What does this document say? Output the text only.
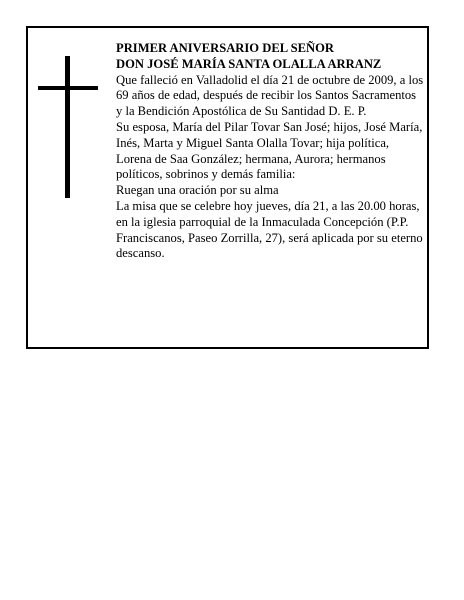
PRIMER ANIVERSARIO DEL SEÑOR
DON JOSÉ MARÍA SANTA OLALLA ARRANZ

Que falleció en Valladolid el día 21 de octubre de 2009, a los 69 años de edad, después de recibir los Santos Sacramentos y la Bendición Apostólica de Su Santidad D. E. P.

Su esposa, María del Pilar Tovar San José; hijos, José María, Inés, Marta y Miguel Santa Olalla Tovar; hija política, Lorena de Saa González; hermana, Aurora; hermanos políticos, sobrinos y demás familia:

Ruegan una oración por su alma

La misa que se celebre hoy jueves, día 21, a las 20.00 horas, en la iglesia parroquial de la Inmaculada Concepción (P.P. Franciscanos, Paseo Zorrilla, 27), será aplicada por su eterno descanso.
